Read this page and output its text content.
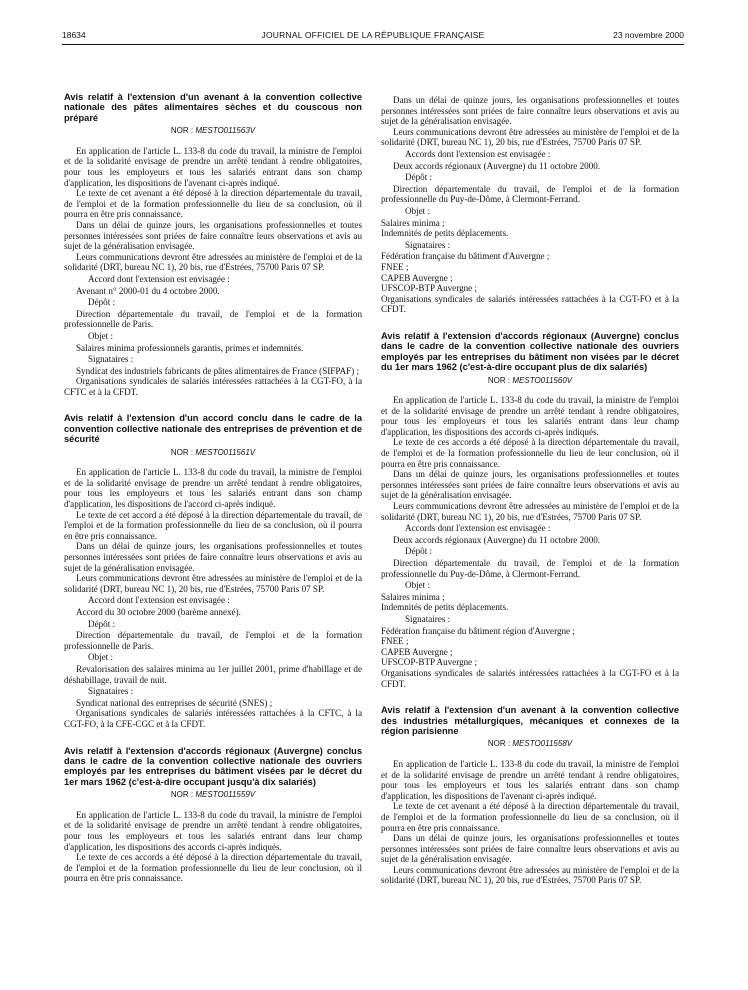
18634	JOURNAL OFFICIEL DE LA RÉPUBLIQUE FRANÇAISE	23 novembre 2000
Avis relatif à l'extension d'un avenant à la convention collective nationale des pâtes alimentaires sèches et du couscous non préparé
NOR : MESTO011563V

En application de l'article L. 133-8 du code du travail, la ministre de l'emploi et de la solidarité envisage de prendre un arrêté tendant à rendre obligatoires, pour tous les employeurs et tous les salariés entrant dans son champ d'application, les dispositions de l'avenant ci-après indiqué.

Le texte de cet avenant a été déposé à la direction départementale du travail, de l'emploi et de la formation professionnelle du lieu de sa conclusion, où il pourra en être pris connaissance.

Dans un délai de quinze jours, les organisations professionnelles et toutes personnes intéressées sont priées de faire connaître leurs observations et avis au sujet de la généralisation envisagée.

Leurs communications devront être adressées au ministère de l'emploi et de la solidarité (DRT, bureau NC 1), 20 bis, rue d'Estrées, 75700 Paris 07 SP.

Accord dont l'extension est envisagée :

Avenant n° 2000-01 du 4 octobre 2000.

Dépôt :

Direction départementale du travail, de l'emploi et de la formation professionnelle de Paris.

Objet :

Salaires minima professionnels garantis, primes et indemnités.

Signataires :

Syndicat des industriels fabricants de pâtes alimentaires de France (SIFPAF) ;

Organisations syndicales de salariés intéressées rattachées à la CGT-FO, à la CFTC et à la CFDT.

Avis relatif à l'extension d'un accord conclu dans le cadre de la convention collective nationale des entreprises de prévention et de sécurité
NOR : MESTO011561V

En application de l'article L. 133-8 du code du travail, la ministre de l'emploi et de la solidarité envisage de prendre un arrêté tendant à rendre obligatoires, pour tous les employeurs et tous les salariés entrant dans son champ d'application, les dispositions de l'accord ci-après indiqué.

Le texte de cet accord a été déposé à la direction départementale du travail, de l'emploi et de la formation professionnelle du lieu de sa conclusion, où il pourra en être pris connaissance.

Dans un délai de quinze jours, les organisations professionnelles et toutes personnes intéressées sont priées de faire connaître leurs observations et avis au sujet de la généralisation envisagée.

Leurs communications devront être adressées au ministère de l'emploi et de la solidarité (DRT, bureau NC 1), 20 bis, rue d'Estrées, 75700 Paris 07 SP.

Accord dont l'extension est envisagée :

Accord du 30 octobre 2000 (barème annexé).

Dépôt :

Direction départementale du travail, de l'emploi et de la formation professionnelle de Paris.

Objet :

Revalorisation des salaires minima au 1er juillet 2001, prime d'habillage et de déshabillage, travail de nuit.

Signataires :

Syndicat national des entreprises de sécurité (SNES) ;

Organisations syndicales de salariés intéressées rattachées à la CFTC, à la CGT-FO, à la CFE-CGC et à la CFDT.

Avis relatif à l'extension d'accords régionaux (Auvergne) conclus dans le cadre de la convention collective nationale des ouvriers employés par les entreprises du bâtiment visées par le décret du 1er mars 1962 (c'est-à-dire occupant jusqu'à dix salariés)
NOR : MESTO011559V

En application de l'article L. 133-8 du code du travail, la ministre de l'emploi et de la solidarité envisage de prendre un arrêté tendant à rendre obligatoires, pour tous les employeurs et tous les salariés entrant dans leur champ d'application, les dispositions des accords ci-après indiqués.

Le texte de ces accords a été déposé à la direction départementale du travail, de l'emploi et de la formation professionnelle du lieu de leur conclusion, où il pourra en être pris connaissance.

Dans un délai de quinze jours, les organisations professionnelles et toutes personnes intéressées sont priées de faire connaître leurs observations et avis au sujet de la généralisation envisagée.

Leurs communications devront être adressées au ministère de l'emploi et de la solidarité (DRT, bureau NC 1), 20 bis, rue d'Estrées, 75700 Paris 07 SP.

Accords dont l'extension est envisagée :

Deux accords régionaux (Auvergne) du 11 octobre 2000.

Dépôt :

Direction départementale du travail, de l'emploi et de la formation professionnelle du Puy-de-Dôme, à Clermont-Ferrand.

Objet :

Salaires minima ;

Indemnités de petits déplacements.

Signataires :

Fédération française du bâtiment d'Auvergne ;

FNEE ;

CAPEB Auvergne ;

UFSCOP-BTP Auvergne ;

Organisations syndicales de salariés intéressées rattachées à la CGT-FO et à la CFDT.

Avis relatif à l'extension d'accords régionaux (Auvergne) conclus dans le cadre de la convention collective nationale des ouvriers employés par les entreprises du bâtiment non visées par le décret du 1er mars 1962 (c'est-à-dire occupant plus de dix salariés)
NOR : MESTO011560V

En application de l'article L. 133-8 du code du travail, la ministre de l'emploi et de la solidarité envisage de prendre un arrêté tendant à rendre obligatoires, pour tous les employeurs et tous les salariés entrant dans leur champ d'application, les dispositions des accords ci-après indiqués.

Le texte de ces accords a été déposé à la direction départementale du travail, de l'emploi et de la formation professionnelle du lieu de leur conclusion, où il pourra en être pris connaissance.

Dans un délai de quinze jours, les organisations professionnelles et toutes personnes intéressées sont priées de faire connaître leurs observations et avis au sujet de la généralisation envisagée.

Leurs communications devront être adressées au ministère de l'emploi et de la solidarité (DRT, bureau NC 1), 20 bis, rue d'Estrées, 75700 Paris 07 SP.

Accords dont l'extension est envisagée :

Deux accords régionaux (Auvergne) du 11 octobre 2000.

Dépôt :

Direction départementale du travail, de l'emploi et de la formation professionnelle du Puy-de-Dôme, à Clermont-Ferrand.

Objet :

Salaires minima ;

Indemnités de petits déplacements.

Signataires :

Fédération française du bâtiment région d'Auvergne ;

FNEE ;

CAPEB Auvergne ;

UFSCOP-BTP Auvergne ;

Organisations syndicales de salariés intéressées rattachées à la CGT-FO et à la CFDT.

Avis relatif à l'extension d'un avenant à la convention collective des industries métallurgiques, mécaniques et connexes de la région parisienne
NOR : MESTO011558V

En application de l'article L. 133-8 du code du travail, la ministre de l'emploi et de la solidarité envisage de prendre un arrêté tendant à rendre obligatoires, pour tous les employeurs et tous les salariés entrant dans son champ d'application, les dispositions de l'avenant ci-après indiqué.

Le texte de cet avenant a été déposé à la direction départementale du travail, de l'emploi et de la formation professionnelle du lieu de sa conclusion, où il pourra en être pris connaissance.

Dans un délai de quinze jours, les organisations professionnelles et toutes personnes intéressées sont priées de faire connaître leurs observations et avis au sujet de la généralisation envisagée.

Leurs communications devront être adressées au ministère de l'emploi et de la solidarité (DRT, bureau NC 1), 20 bis, rue d'Estrées, 75700 Paris 07 SP.
